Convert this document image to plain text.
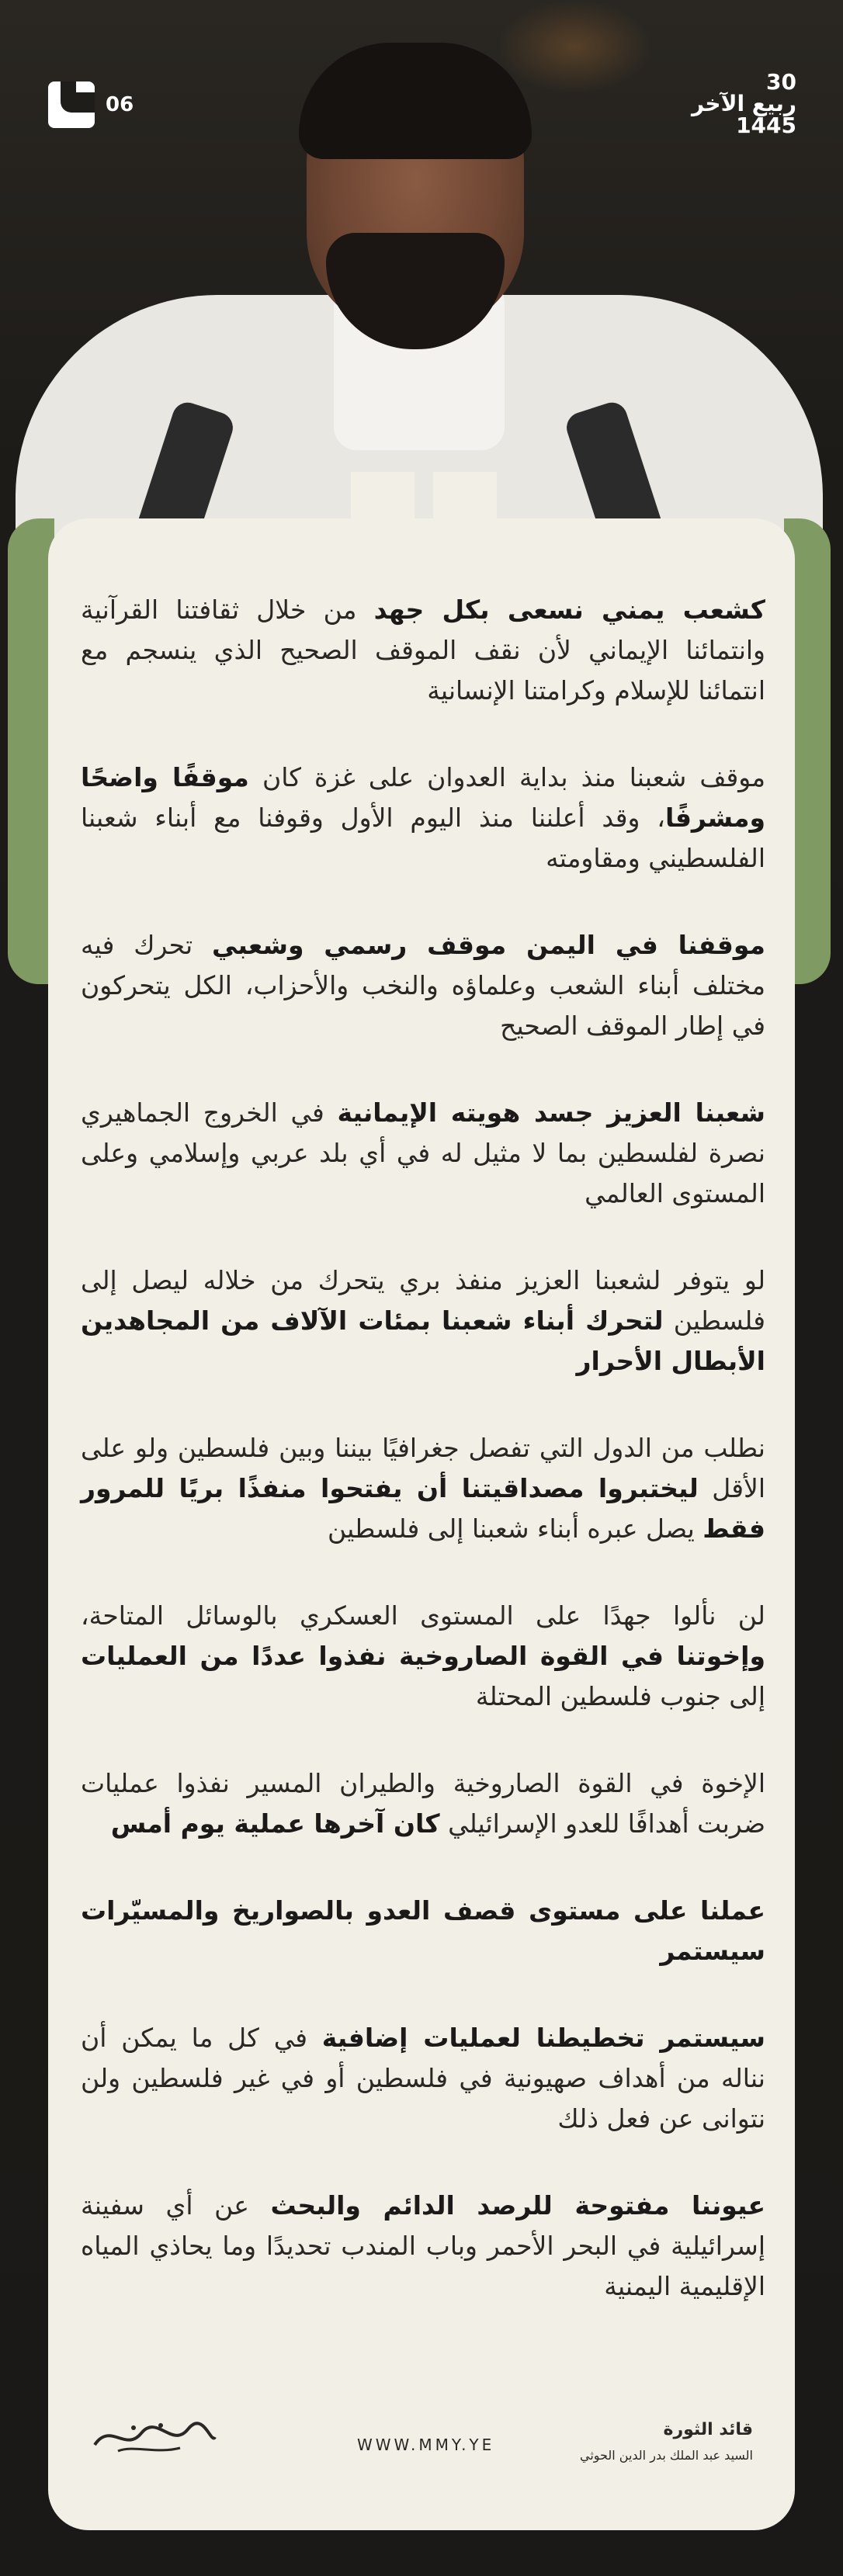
06
30
ربيع الآخر
1445

كشعب يمني نسعى بكل جهد من خلال ثقافتنا القرآنية وانتمائنا الإيماني لأن نقف الموقف الصحيح الذي ينسجم مع انتمائنا للإسلام وكرامتنا الإنسانية

موقف شعبنا منذ بداية العدوان على غزة كان موقفًا واضحًا ومشرفًا، وقد أعلننا منذ اليوم الأول وقوفنا مع أبناء شعبنا الفلسطيني ومقاومته

موقفنا في اليمن موقف رسمي وشعبي تحرك فيه مختلف أبناء الشعب وعلماؤه والنخب والأحزاب، الكل يتحركون في إطار الموقف الصحيح

شعبنا العزيز جسد هويته الإيمانية في الخروج الجماهيري نصرة لفلسطين بما لا مثيل له في أي بلد عربي وإسلامي وعلى المستوى العالمي

لو يتوفر لشعبنا العزيز منفذ بري يتحرك من خلاله ليصل إلى فلسطين لتحرك أبناء شعبنا بمئات الآلاف من المجاهدين الأبطال الأحرار

نطلب من الدول التي تفصل جغرافيًا بيننا وبين فلسطين ولو على الأقل ليختبروا مصداقيتنا أن يفتحوا منفذًا بريًا للمرور فقط يصل عبره أبناء شعبنا إلى فلسطين

لن نألوا جهدًا على المستوى العسكري بالوسائل المتاحة، وإخوتنا في القوة الصاروخية نفذوا عددًا من العمليات إلى جنوب فلسطين المحتلة

الإخوة في القوة الصاروخية والطيران المسير نفذوا عمليات ضربت أهدافًا للعدو الإسرائيلي كان آخرها عملية يوم أمس

عملنا على مستوى قصف العدو بالصواريخ والمسيّرات سيستمر

سيستمر تخطيطنا لعمليات إضافية في كل ما يمكن أن نناله من أهداف صهيونية في فلسطين أو في غير فلسطين ولن نتوانى عن فعل ذلك

عيوننا مفتوحة للرصد الدائم والبحث عن أي سفينة إسرائيلية في البحر الأحمر وباب المندب تحديدًا وما يحاذي المياه الإقليمية اليمنية

WWW.MMY.YE
قائد الثورة
السيد عبد الملك بدر الدين الحوثي
